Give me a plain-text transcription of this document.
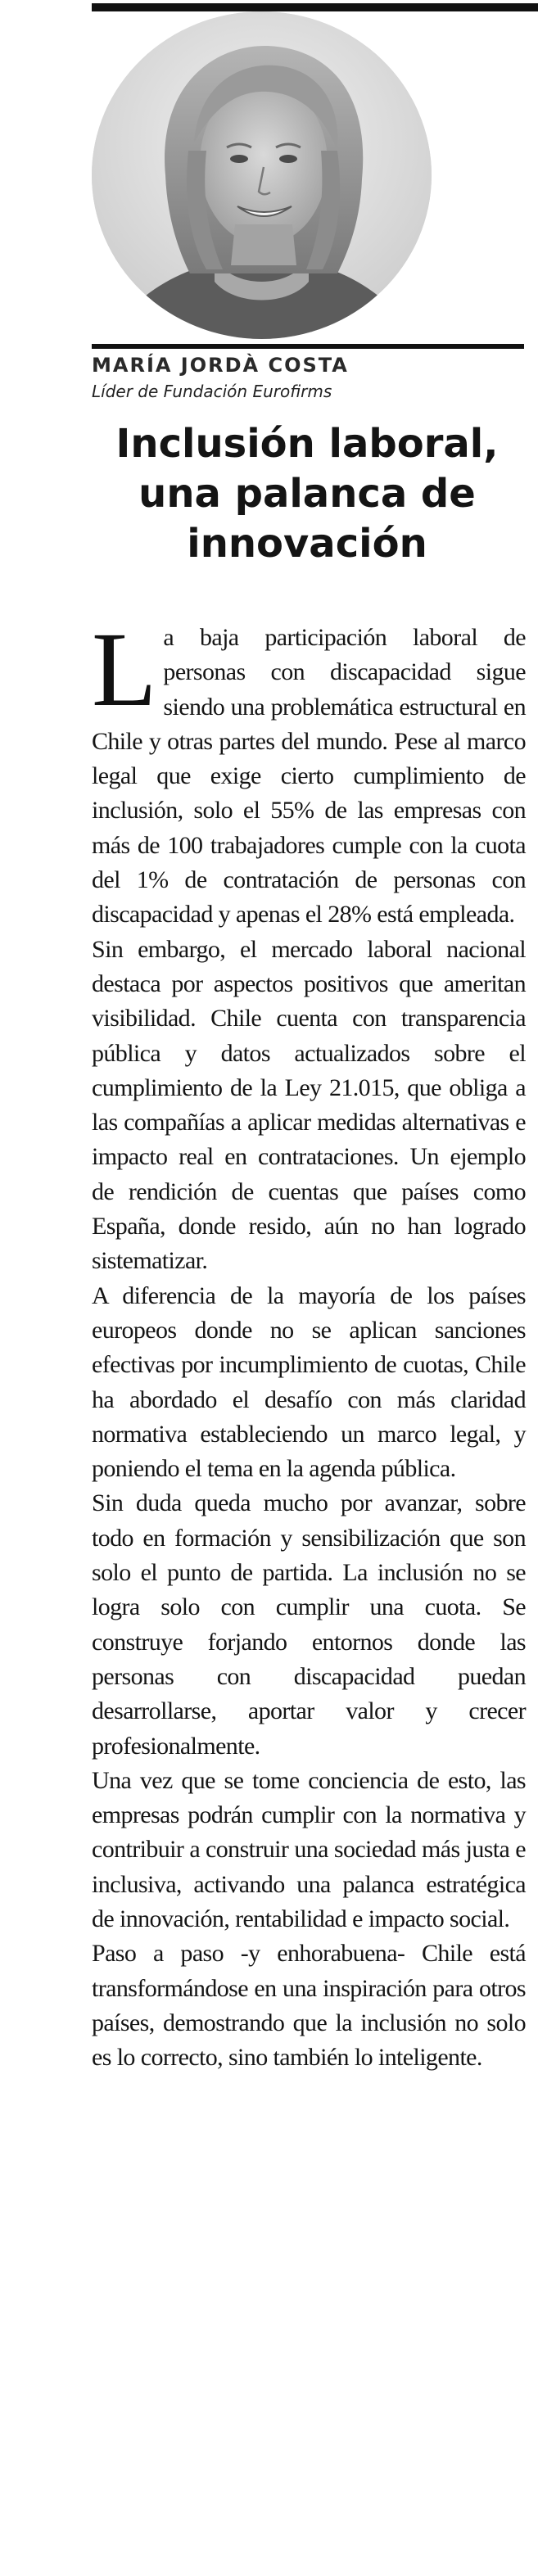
MARÍA JORDÀ COSTA
Líder de Fundación Eurofirms
Inclusión laboral, una palanca de innovación

L a baja participación laboral de personas con discapacidad sigue siendo una problemática estructural en Chile y otras partes del mundo. Pese al marco legal que exige cierto cumplimiento de inclusión, solo el 55% de las empresas con más de 100 trabajadores cumple con la cuota del 1% de contratación de personas con discapacidad y apenas el 28% está empleada.

Sin embargo, el mercado laboral nacional destaca por aspectos positivos que ameritan visibilidad. Chile cuenta con transparencia pública y datos actualizados sobre el cumplimiento de la Ley 21.015, que obliga a las compañías a aplicar medidas alternativas e impacto real en contrataciones. Un ejemplo de rendición de cuentas que países como España, donde resido, aún no han logrado sistematizar.

A diferencia de la mayoría de los países europeos donde no se aplican sanciones efectivas por incumplimiento de cuotas, Chile ha abordado el desafío con más claridad normativa estableciendo un marco legal, y poniendo el tema en la agenda pública.

Sin duda queda mucho por avanzar, sobre todo en formación y sensibilización que son solo el punto de partida. La inclusión no se logra solo con cumplir una cuota. Se construye forjando entornos donde las personas con discapacidad puedan desarrollarse, aportar valor y crecer profesionalmente.

Una vez que se tome conciencia de esto, las empresas podrán cumplir con la normativa y contribuir a construir una sociedad más justa e inclusiva, activando una palanca estratégica de innovación, rentabilidad e impacto social.

Paso a paso -y enhorabuena- Chile está transformándose en una inspiración para otros países, demostrando que la inclusión no solo es lo correcto, sino también lo inteligente.
